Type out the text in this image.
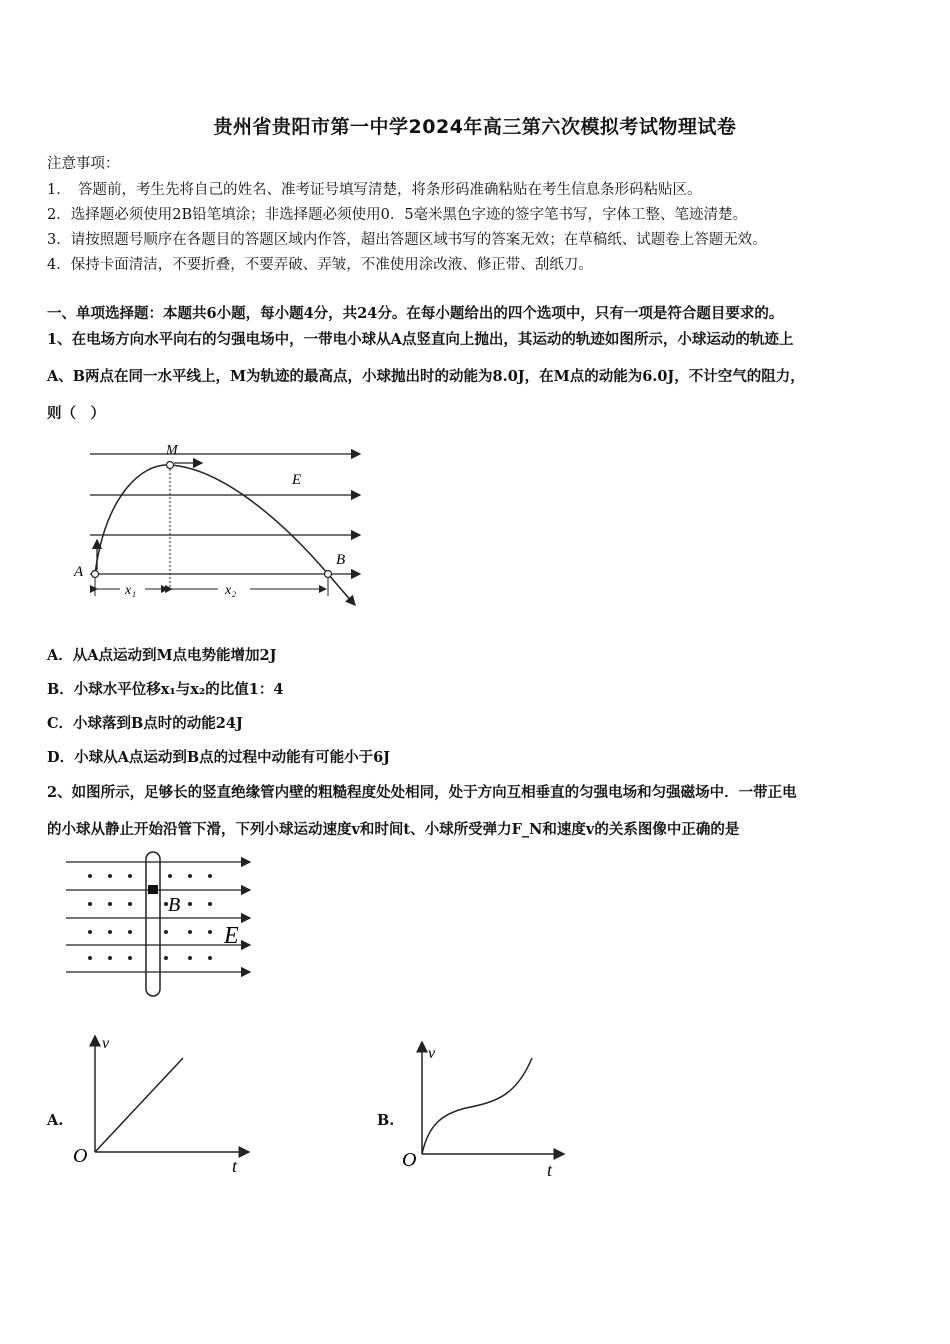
贵州省贵阳市第一中学2024年高三第六次模拟考试物理试卷
注意事项：
1．　答题前，考生先将自己的姓名、准考证号填写清楚，将条形码准确粘贴在考生信息条形码粘贴区。
2．选择题必须使用2B铅笔填涂；非选择题必须使用0．5毫米黑色字迹的签字笔书写，字体工整、笔迹清楚。
3．请按照题号顺序在各题目的答题区域内作答，超出答题区域书写的答案无效；在草稿纸、试题卷上答题无效。
4．保持卡面清洁，不要折叠，不要弄破、弄皱，不准使用涂改液、修正带、刮纸刀。
一、单项选择题：本题共6小题，每小题4分，共24分。在每小题给出的四个选项中，只有一项是符合题目要求的。
1、在电场方向水平向右的匀强电场中，一带电小球从A点竖直向上抛出，其运动的轨迹如图所示，小球运动的轨迹上
A、B两点在同一水平线上，M为轨迹的最高点，小球抛出时的动能为8.0J，在M点的动能为6.0J，不计空气的阻力，
则（　）
M
E
A
B
x₁	x₂
A．从A点运动到M点电势能增加2J
B．小球水平位移x₁与x₂的比值1：4
C．小球落到B点时的动能24J
D．小球从A点运动到B点的过程中动能有可能小于6J
2、如图所示，足够长的竖直绝缘管内壁的粗糙程度处处相同，处于方向互相垂直的匀强电场和匀强磁场中．一带正电
的小球从静止开始沿管下滑，下列小球运动速度v和时间t、小球所受弹力F_N和速度v的关系图像中正确的是
B
E
A.
v
t
O
B.
v
t
O
